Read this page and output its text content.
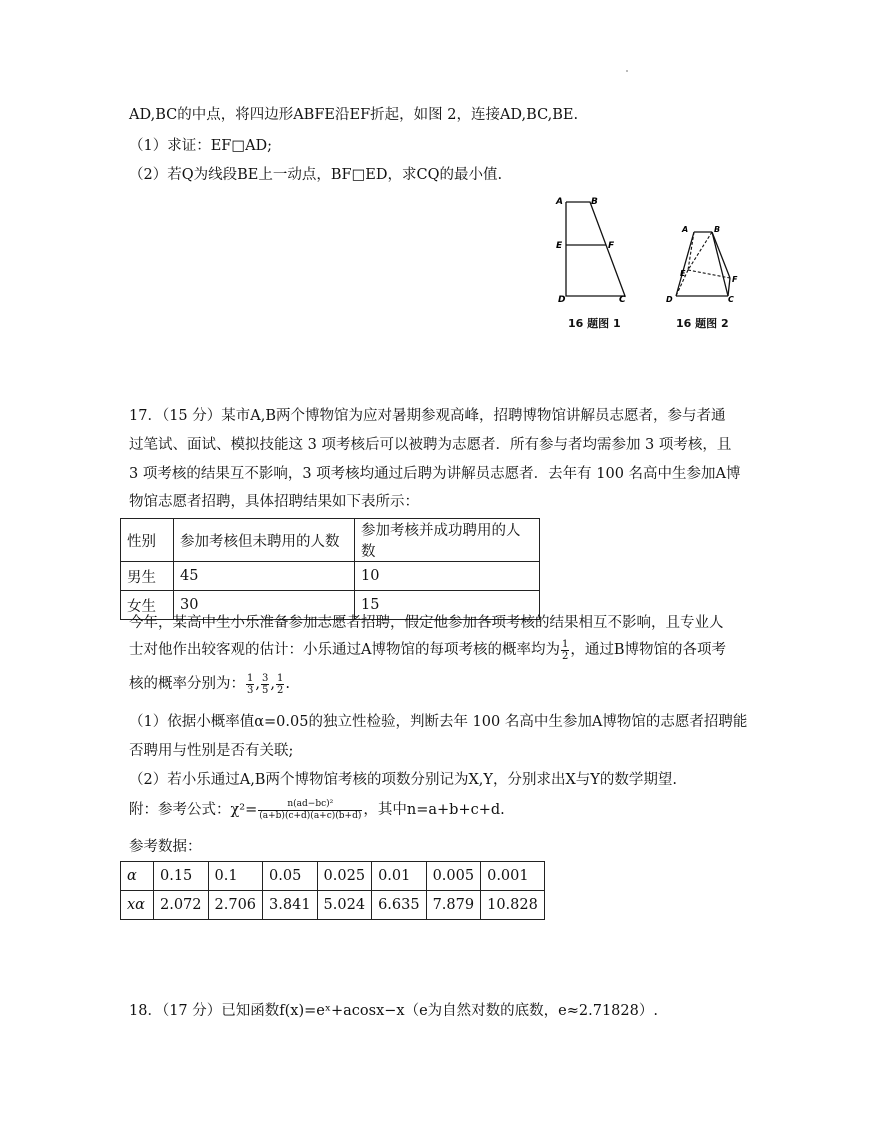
AD,BC的中点，将四边形ABFE沿EF折起，如图 2，连接AD,BC,BE.
（1）求证：EF□AD;
（2）若Q为线段BE上一动点，BF□ED，求CQ的最小值.
A	B
E	F
D	C
16 题图 1
A	B
E
F
D	C
16 题图 2
17．（15 分）某市A,B两个博物馆为应对暑期参观高峰，招聘博物馆讲解员志愿者，参与者通
过笔试、面试、模拟技能这 3 项考核后可以被聘为志愿者．所有参与者均需参加 3 项考核，且
3 项考核的结果互不影响，3 项考核均通过后聘为讲解员志愿者．去年有 100 名高中生参加A博
物馆志愿者招聘，具体招聘结果如下表所示：
性别	参加考核但未聘用的人数	参加考核并成功聘用的人数
男生	45	10
女生	30	15
今年，某高中生小乐准备参加志愿者招聘，假定他参加各项考核的结果相互不影响，且专业人
士对他作出较客观的估计：小乐通过A博物馆的每项考核的概率均为 $\frac{1}{2}$ ，通过B博物馆的各项考
核的概率分别为： $\frac{1}{3}$ , $\frac{3}{5}$ , $\frac{1}{2}$ .
（1）依据小概率值α=0.05的独立性检验，判断去年 100 名高中生参加A博物馆的志愿者招聘能
否聘用与性别是否有关联;
（2）若小乐通过A,B两个博物馆考核的项数分别记为X,Y，分别求出X与Y的数学期望.
附：参考公式：$\chi^2= \frac{\text{n(ad−bc)²}}{(a+b)(c+d)(a+c)(b+d)}$ ，其中n=a+b+c+d.
参考数据：
α	0.15	0.1	0.05	0.025	0.01	0.005	0.001
xα	2.072	2.706	3.841	5.024	6.635	7.879	10.828
18．（17 分）已知函数f(x)=eˣ+acosx−x（e为自然对数的底数，e≈2.71828）.
